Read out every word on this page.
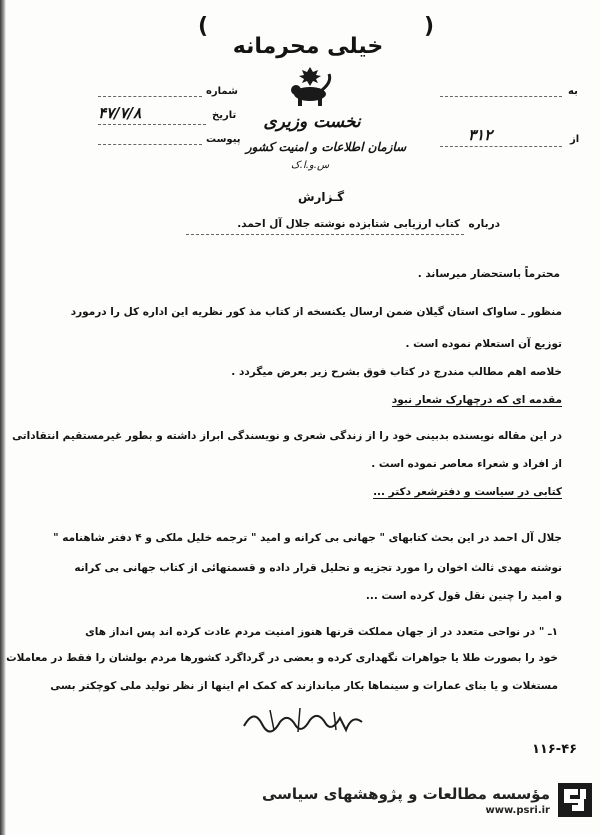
(	)
خیلی محرمانه
نخست وزیری
سازمان اطلاعات و امنیت کشور
س.و.ا.ک
شماره
تاریخ
۴۷/۷/۸
پیوست
به
از
۳۱۲
گـزارش
کتاب ارزیابی شتابزده نوشته جلال آل احمد. درباره
محترماً باستحضار میرساند .
منظور ـ ساواک استان گیلان ضمن ارسال یکنسخه از کتاب مذ کور نظریه این اداره کل را درمورد
توزیع آن استعلام نموده است .
خلاصه اهم مطالب مندرج در کتاب فوق بشرح زیر بعرض میگردد .
مقدمه ای که درچهارک شعار نبود
در این مقاله نویسنده بدبینی خود را از زندگی شعری و نویسندگی ابراز داشته و بطور غیرمستقیم انتقاداتی
از افراد و شعراء معاصر نموده است .
کتابی در سیاست و دفترشعر دکتر ...
جلال آل احمد در این بحث کتابهای " جهانی بی کرانه و امید " ترجمه خلیل ملکی و ۴ دفتر شاهنامه "
نوشته مهدی ثالث اخوان را مورد تجزیه و تحلیل قرار داده و قسمتهائی از کتاب جهانی بی کرانه
و امید را چنین نقل قول کرده است ...
۱ـ " در نواحی متعدد در از جهان مملکت قرنها هنوز امنیت مردم عادت کرده اند پس انداز های
خود را بصورت طلا یا جواهرات نگهداری کرده و بعضی در گرداگرد کشورها مردم بولشان را فقط در معاملات
مستغلات و یا بنای عمارات و سینماها بکار میاندازند که کمک ام اینها از نظر تولید ملی کوچکتر بسی
۱۱۶-۴۶
مؤسسه مطالعات و پژوهشهای سیاسی
www.psri.ir
